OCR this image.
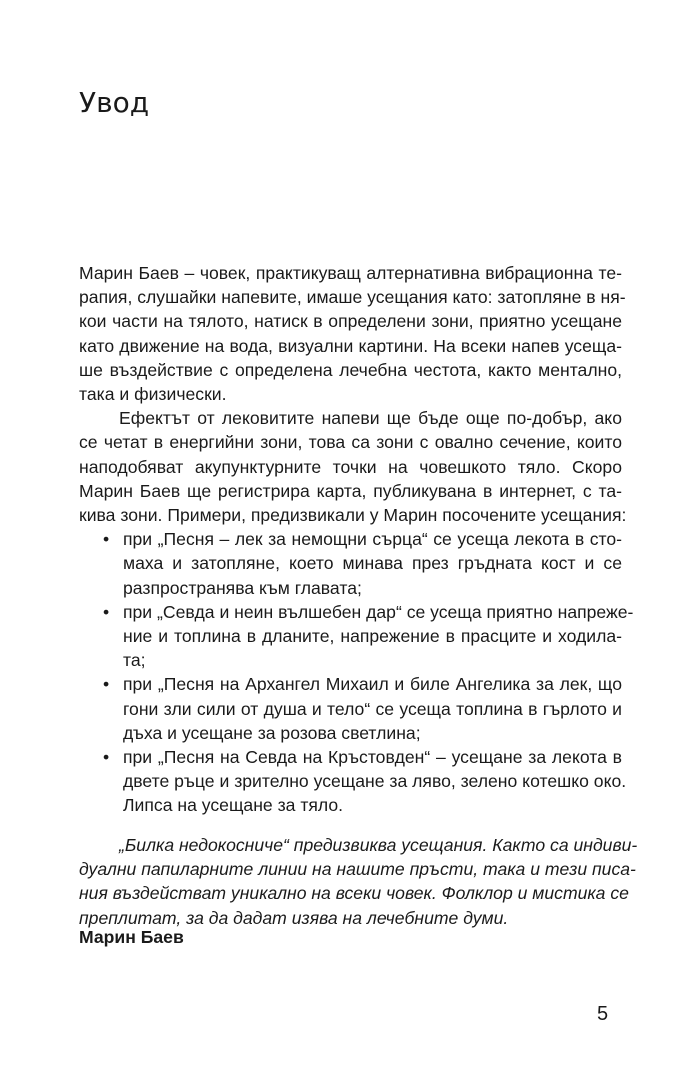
Увод
Марин Баев – човек, практикуващ алтернативна вибрационна те-
рапия, слушайки напевите, имаше усещания като: затопляне в ня-
кои части на тялото, натиск в определени зони, приятно усещане
като движение на вода, визуални картини. На всеки напев усеща-
ше въздействие с определена лечебна честота, както ментално,
така и физически.
Ефектът от лековитите напеви ще бъде още по-добър, ако
се четат в енергийни зони, това са зони с овално сечение, които
наподобяват акупунктурните точки на човешкото тяло. Скоро
Марин Баев ще регистрира карта, публикувана в интернет, с та-
кива зони. Примери, предизвикали у Марин посочените усещания:
• при „Песня – лек за немощни сърца“ се усеща лекота в сто-
маха и затопляне, което минава през гръдната кост и се
разпространява към главата;
• при „Севда и неин вълшебен дар“ се усеща приятно напреже-
ние и топлина в дланите, напрежение в прасците и ходила-
та;
• при „Песня на Архангел Михаил и биле Ангелика за лек, що
гони зли сили от душа и тело“ се усеща топлина в гърлото и
дъха и усещане за розова светлина;
• при „Песня на Севда на Кръстовден“ – усещане за лекота в
двете ръце и зрително усещане за ляво, зелено котешко око.
Липса на усещане за тяло.
„Билка недокосниче“ предизвиква усещания. Както са индиви-
дуални папиларните линии на нашите пръсти, така и тези писа-
ния въздействат уникално на всеки човек. Фолклор и мистика се
преплитат, за да дадат изява на лечебните думи.
Марин Баев
5
